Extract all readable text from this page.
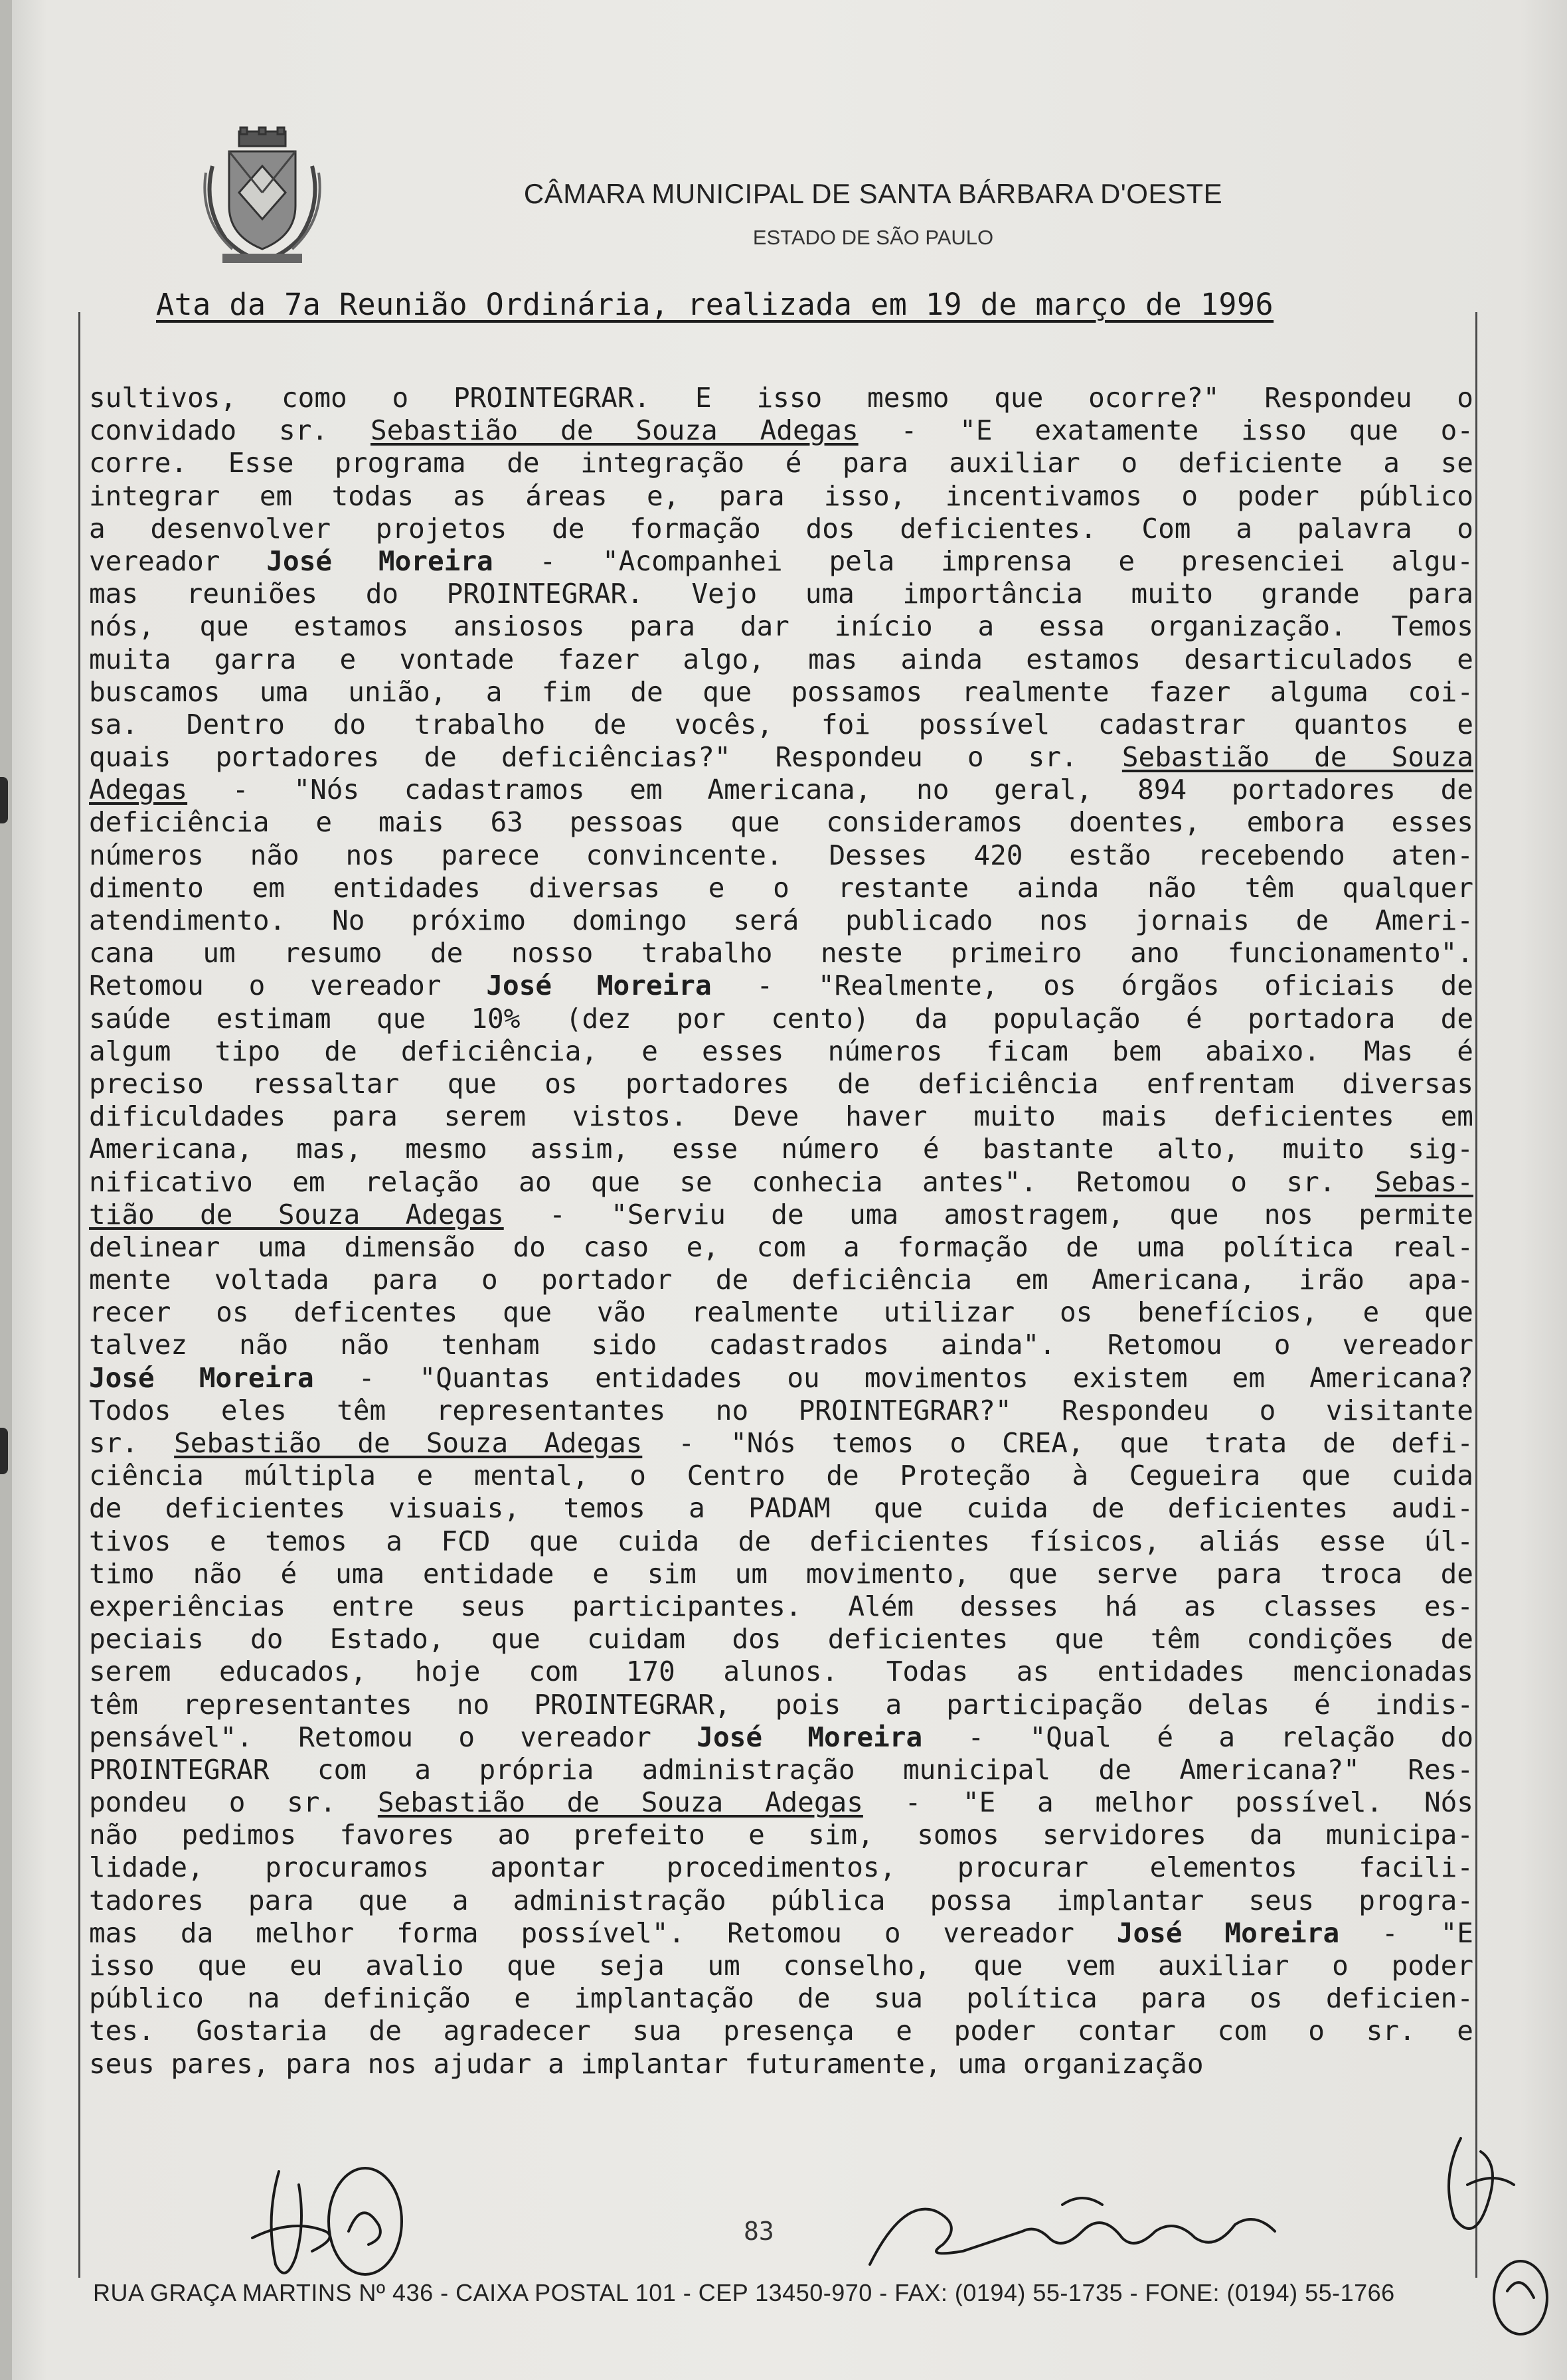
CÂMARA MUNICIPAL DE SANTA BÁRBARA D'OESTE
ESTADO DE SÃO PAULO
Ata da 7a Reunião Ordinária, realizada em 19 de março de 1996
sultivos, como o PROINTEGRAR. E isso mesmo que ocorre?" Respondeu o
convidado sr. Sebastião de Souza Adegas - "E exatamente isso que o-
corre. Esse programa de integração é para auxiliar o deficiente a se
integrar em todas as áreas e, para isso, incentivamos o poder público
a desenvolver projetos de formação dos deficientes. Com a palavra o
vereador José Moreira - "Acompanhei pela imprensa e presenciei algu-
mas reuniões do PROINTEGRAR. Vejo uma importância muito grande para
nós, que estamos ansiosos para dar início a essa organização. Temos
muita garra e vontade fazer algo, mas ainda estamos desarticulados e
buscamos uma união, a fim de que possamos realmente fazer alguma coi-
sa. Dentro do trabalho de vocês, foi possível cadastrar quantos e
quais portadores de deficiências?" Respondeu o sr. Sebastião de Souza
Adegas - "Nós cadastramos em Americana, no geral, 894 portadores de
deficiência e mais 63 pessoas que consideramos doentes, embora esses
números não nos parece convincente. Desses 420 estão recebendo aten-
dimento em entidades diversas e o restante ainda não têm qualquer
atendimento. No próximo domingo será publicado nos jornais de Ameri-
cana um resumo de nosso trabalho neste primeiro ano funcionamento".
Retomou o vereador José Moreira - "Realmente, os órgãos oficiais de
saúde estimam que 10% (dez por cento) da população é portadora de
algum tipo de deficiência, e esses números ficam bem abaixo. Mas é
preciso ressaltar que os portadores de deficiência enfrentam diversas
dificuldades para serem vistos. Deve haver muito mais deficientes em
Americana, mas, mesmo assim, esse número é bastante alto, muito sig-
nificativo em relação ao que se conhecia antes". Retomou o sr. Sebas-
tião de Souza Adegas - "Serviu de uma amostragem, que nos permite
delinear uma dimensão do caso e, com a formação de uma política real-
mente voltada para o portador de deficiência em Americana, irão apa-
recer os deficentes que vão realmente utilizar os benefícios, e que
talvez não não tenham sido cadastrados ainda". Retomou o vereador
José Moreira - "Quantas entidades ou movimentos existem em Americana?
Todos eles têm representantes no PROINTEGRAR?" Respondeu o visitante
sr. Sebastião de Souza Adegas - "Nós temos o CREA, que trata de defi-
ciência múltipla e mental, o Centro de Proteção à Cegueira que cuida
de deficientes visuais, temos a PADAM que cuida de deficientes audi-
tivos e temos a FCD que cuida de deficientes físicos, aliás esse úl-
timo não é uma entidade e sim um movimento, que serve para troca de
experiências entre seus participantes. Além desses há as classes es-
peciais do Estado, que cuidam dos deficientes que têm condições de
serem educados, hoje com 170 alunos. Todas as entidades mencionadas
têm representantes no PROINTEGRAR, pois a participação delas é indis-
pensável". Retomou o vereador José Moreira - "Qual é a relação do
PROINTEGRAR com a própria administração municipal de Americana?" Res-
pondeu o sr. Sebastião de Souza Adegas - "E a melhor possível. Nós
não pedimos favores ao prefeito e sim, somos servidores da municipa-
lidade, procuramos apontar procedimentos, procurar elementos facili-
tadores para que a administração pública possa implantar seus progra-
mas da melhor forma possível". Retomou o vereador José Moreira - "E
isso que eu avalio que seja um conselho, que vem auxiliar o poder
público na definição e implantação de sua política para os deficien-
tes. Gostaria de agradecer sua presença e poder contar com o sr. e
seus pares, para nos ajudar a implantar futuramente, uma organização
83
RUA GRAÇA MARTINS Nº 436 - CAIXA POSTAL 101 - CEP 13450-970 - FAX: (0194) 55-1735 - FONE: (0194) 55-1766
